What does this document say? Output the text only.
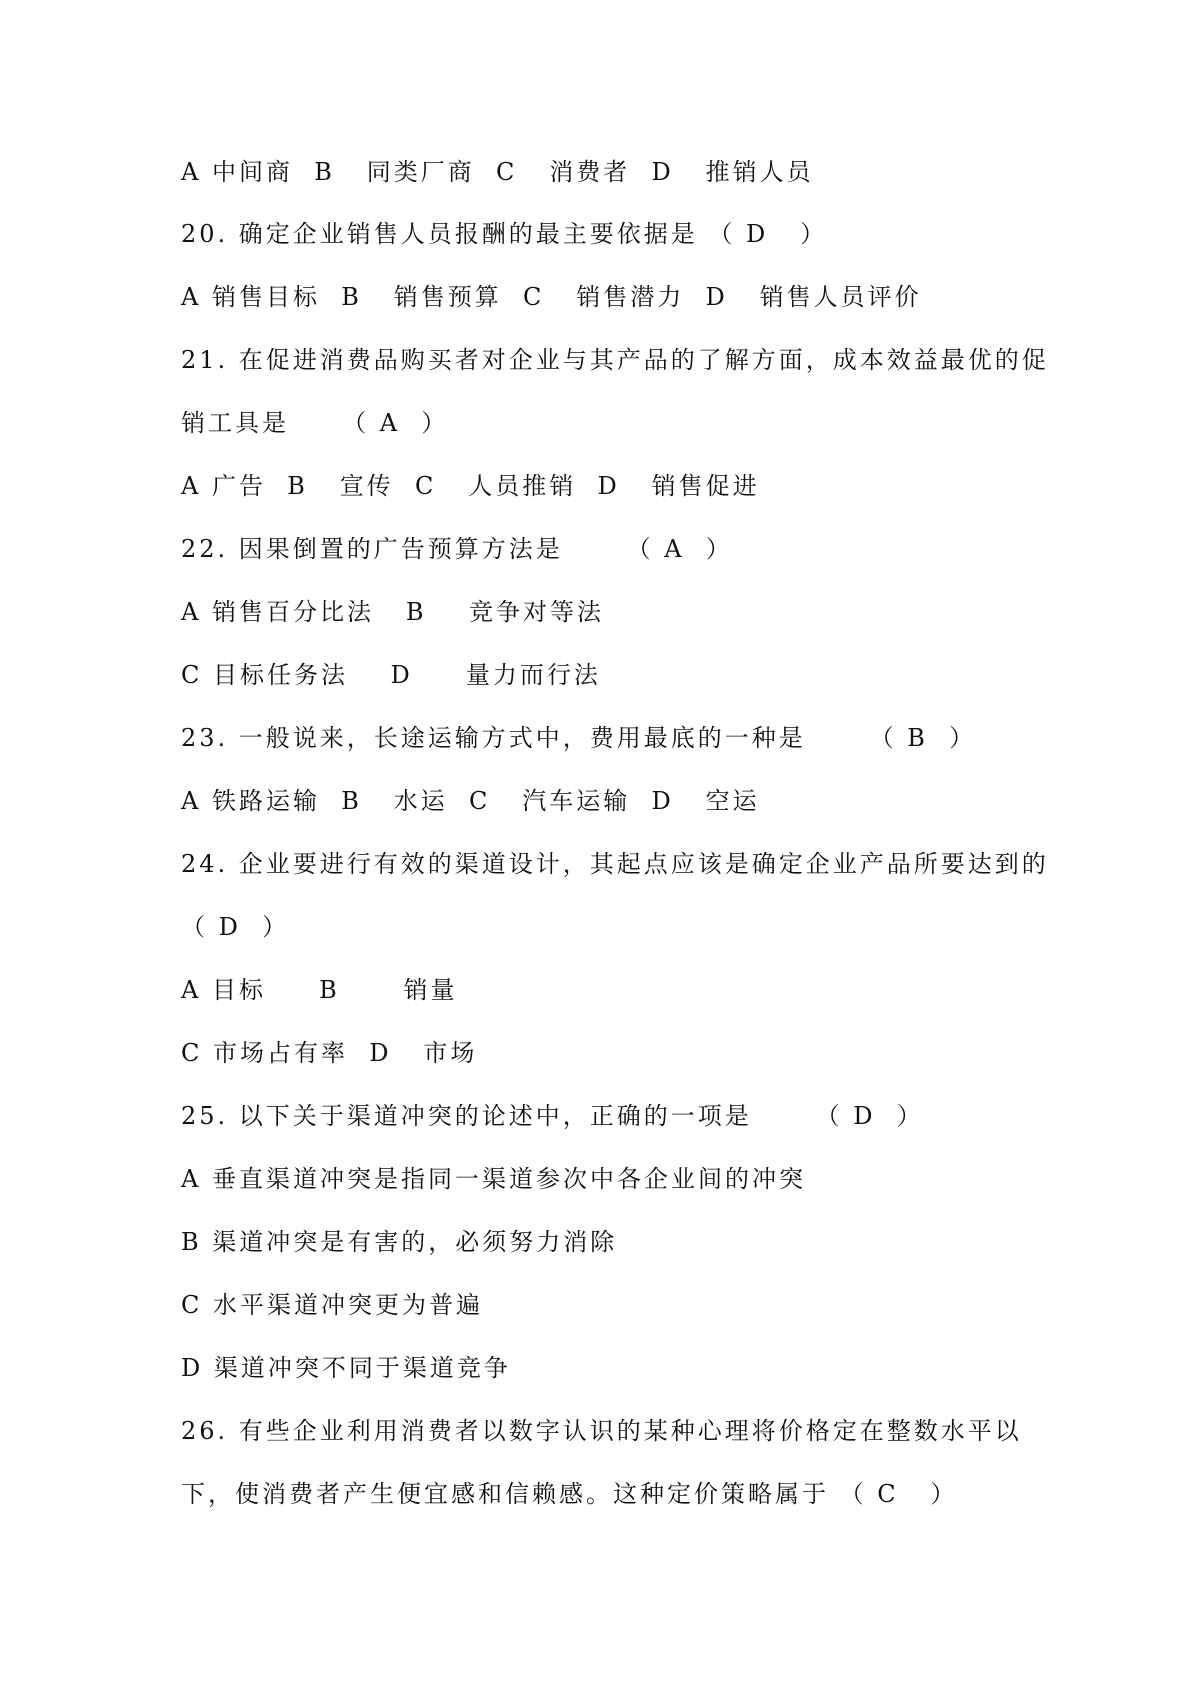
A 中间商  B   同类厂商  C   消费者  D   推销人员
20. 确定企业销售人员报酬的最主要依据是 （ D   ）
A 销售目标  B   销售预算  C   销售潜力  D   销售人员评价
21. 在促进消费品购买者对企业与其产品的了解方面，成本效益最优的促
销工具是     （ A  ）
A 广告  B   宣传  C   人员推销  D   销售促进
22. 因果倒置的广告预算方法是      （ A  ）
A 销售百分比法   B    竞争对等法
C 目标任务法    D     量力而行法
23. 一般说来，长途运输方式中，费用最底的一种是      （ B  ）
A 铁路运输  B   水运  C   汽车运输  D   空运
24. 企业要进行有效的渠道设计，其起点应该是确定企业产品所要达到的
（ D  ）
A 目标     B      销量
C 市场占有率  D   市场
25. 以下关于渠道冲突的论述中，正确的一项是      （ D  ）
A 垂直渠道冲突是指同一渠道参次中各企业间的冲突
B 渠道冲突是有害的，必须努力消除
C 水平渠道冲突更为普遍
D 渠道冲突不同于渠道竞争
26. 有些企业利用消费者以数字认识的某种心理将价格定在整数水平以
下，使消费者产生便宜感和信赖感。这种定价策略属于 （ C   ）
